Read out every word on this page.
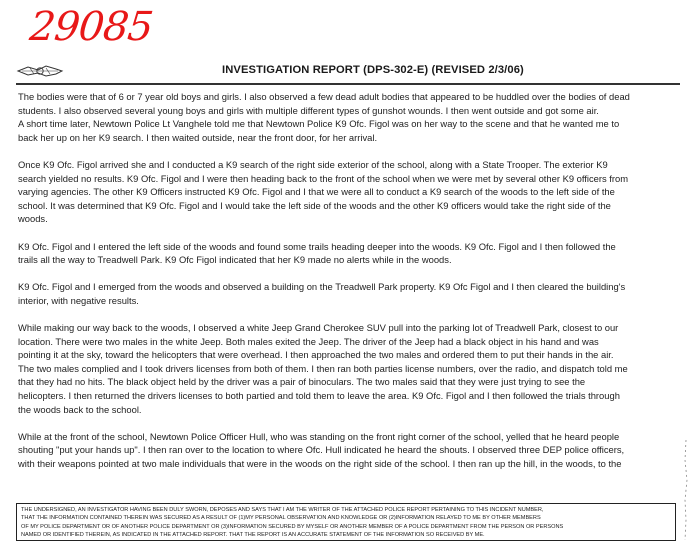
29085
INVESTIGATION REPORT (DPS-302-E) (REVISED 2/3/06)

The bodies were that of 6 or 7 year old boys and girls. I also observed a few dead adult bodies that appeared to be huddled over the bodies of dead
students. I also observed several young boys and girls with multiple different types of gunshot wounds. I then went outside and got some air.
A short time later, Newtown Police Lt Vanghele told me that Newtown Police K9 Ofc. Figol was on her way to the scene and that he wanted me to
back her up on her K9 search. I then waited outside, near the front door, for her arrival.

Once K9 Ofc. Figol arrived she and I conducted a K9 search of the right side exterior of the school, along with a State Trooper. The exterior K9
search yielded no results. K9 Ofc. Figol and I were then heading back to the front of the school when we were met by several other K9 officers from
varying agencies. The other K9 Officers instructed K9 Ofc. Figol and I that we were all to conduct a K9 search of the woods to the left side of the
school. It was determined that K9 Ofc. Figol and I would take the left side of the woods and the other K9 officers would take the right side of the
woods.

K9 Ofc. Figol and I entered the left side of the woods and found some trails heading deeper into the woods. K9 Ofc. Figol and I then followed the
trails all the way to Treadwell Park. K9 Ofc Figol indicated that her K9 made no alerts while in the woods.

K9 Ofc. Figol and I emerged from the woods and observed a building on the Treadwell Park property. K9 Ofc Figol and I then cleared the building's
interior, with negative results.

While making our way back to the woods, I observed a white Jeep Grand Cherokee SUV pull into the parking lot of Treadwell Park, closest to our
location. There were two males in the white Jeep. Both males exited the Jeep. The driver of the Jeep had a black object in his hand and was
pointing it at the sky, toward the helicopters that were overhead. I then approached the two males and ordered them to put their hands in the air.
The two males complied and I took drivers licenses from both of them. I then ran both parties license numbers, over the radio, and dispatch told me
that they had no hits. The black object held by the driver was a pair of binoculars. The two males said that they were just trying to see the
helicopters. I then returned the drivers licenses to both partied and told them to leave the area. K9 Ofc. Figol and I then followed the trials through
the woods back to the school.

While at the front of the school, Newtown Police Officer Hull, who was standing on the front right corner of the school, yelled that he heard people
shouting "put your hands up". I then ran over to the location to where Ofc. Hull indicated he heard the shouts. I observed three DEP police officers,
with their weapons pointed at two male individuals that were in the woods on the right side of the school. I then ran up the hill, in the woods, to the

THE UNDERSIGNED, AN INVESTIGATOR HAVING BEEN DULY SWORN, DEPOSES AND SAYS THAT I AM THE WRITER OF THE ATTACHED POLICE REPORT PERTAINING TO THIS INCIDENT NUMBER,

THAT THE INFORMATION CONTAINED THEREIN WAS SECURED AS A RESULT OF (1)MY PERSONAL OBSERVATION AND KNOWLEDGE OR (2)INFORMATION RELAYED TO ME BY OTHER MEMBERS

OF MY POLICE DEPARTMENT OR OF ANOTHER POLICE DEPARTMENT OR (3)INFORMATION SECURED BY MYSELF OR ANOTHER MEMBER OF A POLICE DEPARTMENT FROM THE PERSON OR PERSONS

NAMED OR IDENTIFIED THEREIN, AS INDICATED IN THE ATTACHED REPORT. THAT THE REPORT IS AN ACCURATE STATEMENT OF THE INFORMATION SO RECEIVED BY ME.
